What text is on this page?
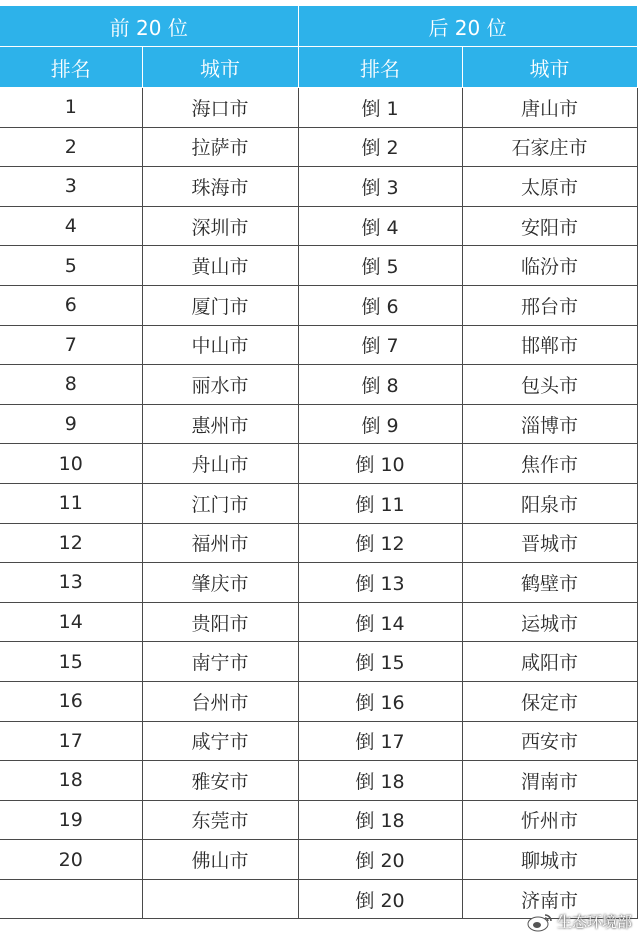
前 20 位		后 20 位	
排名	城市	排名	城市
1	海口市	倒 1	唐山市
2	拉萨市	倒 2	石家庄市
3	珠海市	倒 3	太原市
4	深圳市	倒 4	安阳市
5	黄山市	倒 5	临汾市
6	厦门市	倒 6	邢台市
7	中山市	倒 7	邯郸市
8	丽水市	倒 8	包头市
9	惠州市	倒 9	淄博市
10	舟山市	倒 10	焦作市
11	江门市	倒 11	阳泉市
12	福州市	倒 12	晋城市
13	肇庆市	倒 13	鹤壁市
14	贵阳市	倒 14	运城市
15	南宁市	倒 15	咸阳市
16	台州市	倒 16	保定市
17	咸宁市	倒 17	西安市
18	雅安市	倒 18	渭南市
19	东莞市	倒 18	忻州市
20	佛山市	倒 20	聊城市
		倒 20	济南市
生态环境部
